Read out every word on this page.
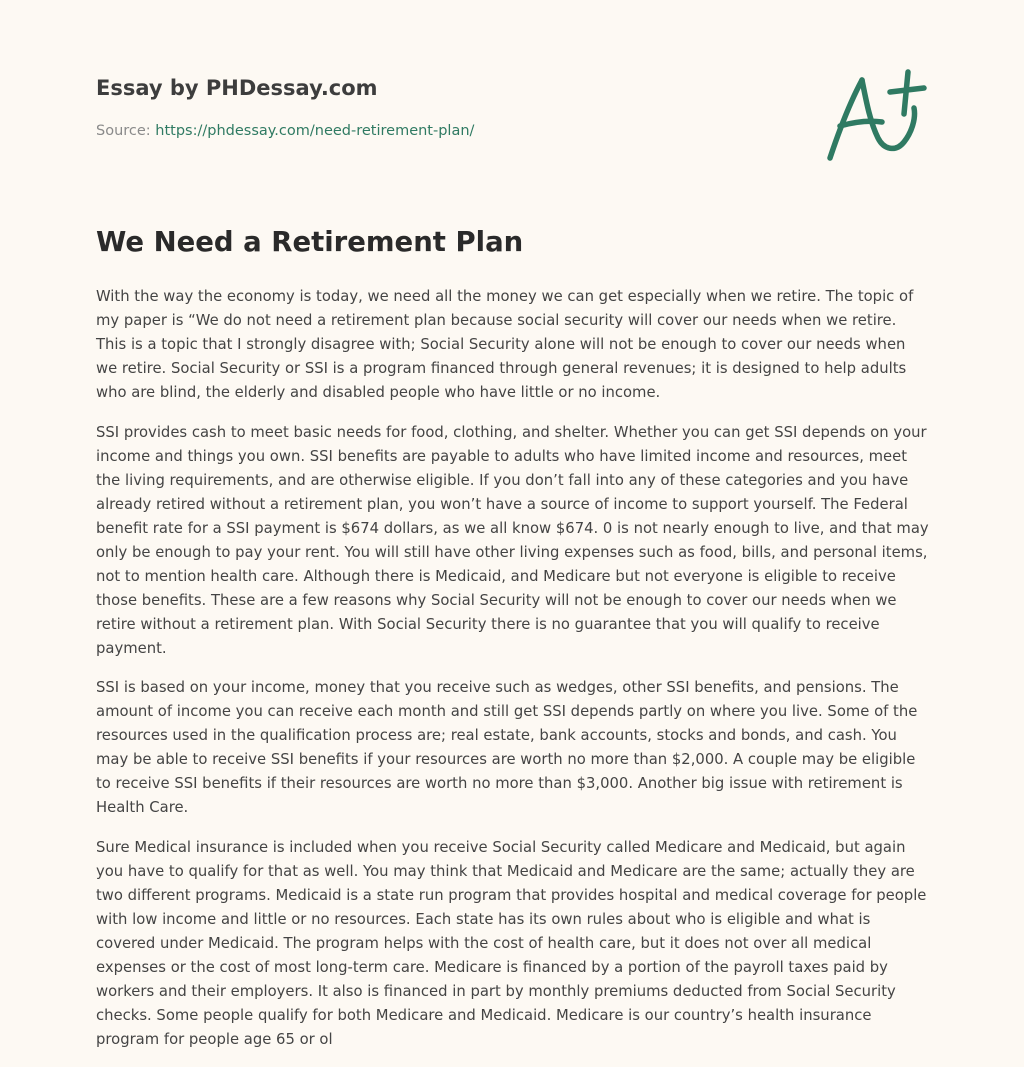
Essay by PHDessay.com
Source: https://phdessay.com/need-retirement-plan/
We Need a Retirement Plan

With the way the economy is today, we need all the money we can get especially when we retire. The topic of my paper is “We do not need a retirement plan because social security will cover our needs when we retire. This is a topic that I strongly disagree with; Social Security alone will not be enough to cover our needs when we retire. Social Security or SSI is a program financed through general revenues; it is designed to help adults who are blind, the elderly and disabled people who have little or no income.

SSI provides cash to meet basic needs for food, clothing, and shelter. Whether you can get SSI depends on your income and things you own. SSI benefits are payable to adults who have limited income and resources, meet the living requirements, and are otherwise eligible. If you don’t fall into any of these categories and you have already retired without a retirement plan, you won’t have a source of income to support yourself. The Federal benefit rate for a SSI payment is $674 dollars, as we all know $674. 0 is not nearly enough to live, and that may only be enough to pay your rent. You will still have other living expenses such as food, bills, and personal items, not to mention health care. Although there is Medicaid, and Medicare but not everyone is eligible to receive those benefits. These are a few reasons why Social Security will not be enough to cover our needs when we retire without a retirement plan. With Social Security there is no guarantee that you will qualify to receive payment.

SSI is based on your income, money that you receive such as wedges, other SSI benefits, and pensions. The amount of income you can receive each month and still get SSI depends partly on where you live. Some of the resources used in the qualification process are; real estate, bank accounts, stocks and bonds, and cash. You may be able to receive SSI benefits if your resources are worth no more than $2,000. A couple may be eligible to receive SSI benefits if their resources are worth no more than $3,000. Another big issue with retirement is Health Care.

Sure Medical insurance is included when you receive Social Security called Medicare and Medicaid, but again you have to qualify for that as well. You may think that Medicaid and Medicare are the same; actually they are two different programs. Medicaid is a state run program that provides hospital and medical coverage for people with low income and little or no resources. Each state has its own rules about who is eligible and what is covered under Medicaid. The program helps with the cost of health care, but it does not over all medical expenses or the cost of most long-term care. Medicare is financed by a portion of the payroll taxes paid by workers and their employers. It also is financed in part by monthly premiums deducted from Social Security checks. Some people qualify for both Medicare and Medicaid. Medicare is our country’s health insurance program for people age 65 or ol
